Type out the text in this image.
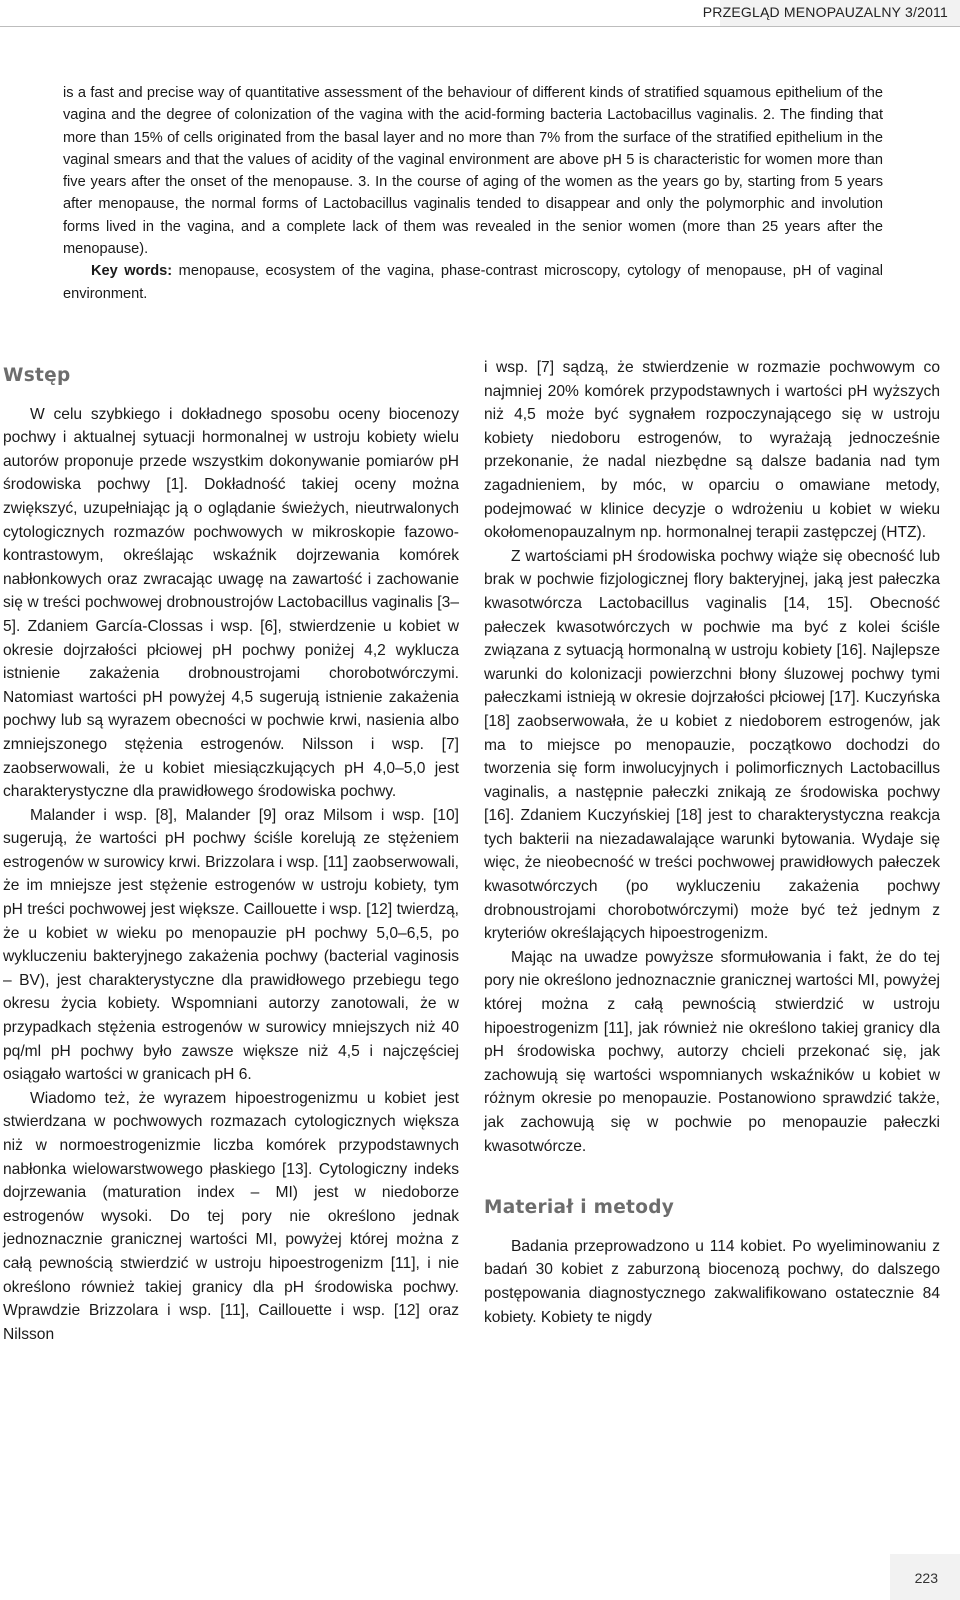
PRZEGLĄD MENOPAUZALNY 3/2011

is a fast and precise way of quantitative assessment of the behaviour of different kinds of stratified squamous epithelium of the vagina and the degree of colonization of the vagina with the acid-forming bacteria Lactobacillus vaginalis. 2. The finding that more than 15% of cells originated from the basal layer and no more than 7% from the surface of the stratified epithelium in the vaginal smears and that the values of acidity of the vaginal environment are above pH 5 is characteristic for women more than five years after the onset of the menopause. 3. In the course of aging of the women as the years go by, starting from 5 years after menopause, the normal forms of Lactobacillus vaginalis tended to disappear and only the polymorphic and involution forms lived in the vagina, and a complete lack of them was revealed in the senior women (more than 25 years after the menopause).

Key words: menopause, ecosystem of the vagina, phase-contrast microscopy, cytology of menopause, pH of vaginal environment.

Wstęp

W celu szybkiego i dokładnego sposobu oceny biocenozy pochwy i aktualnej sytuacji hormonalnej w ustroju kobiety wielu autorów proponuje przede wszystkim dokonywanie pomiarów pH środowiska pochwy [1]. Dokładność takiej oceny można zwiększyć, uzupełniając ją o oglądanie świeżych, nieutrwalonych cytologicznych rozmazów pochwowych w mikroskopie fazowo-kontrastowym, określając wskaźnik dojrzewania komórek nabłonkowych oraz zwracając uwagę na zawartość i zachowanie się w treści pochwowej drobnoustrojów Lactobacillus vaginalis [3–5]. Zdaniem García-Clossas i wsp. [6], stwierdzenie u kobiet w okresie dojrzałości płciowej pH pochwy poniżej 4,2 wyklucza istnienie zakażenia drobnoustrojami chorobotwórczymi. Natomiast wartości pH powyżej 4,5 sugerują istnienie zakażenia pochwy lub są wyrazem obecności w pochwie krwi, nasienia albo zmniejszonego stężenia estrogenów. Nilsson i wsp. [7] zaobserwowali, że u kobiet miesiączkujących pH 4,0–5,0 jest charakterystyczne dla prawidłowego środowiska pochwy.

Malander i wsp. [8], Malander [9] oraz Milsom i wsp. [10] sugerują, że wartości pH pochwy ściśle korelują ze stężeniem estrogenów w surowicy krwi. Brizzolara i wsp. [11] zaobserwowali, że im mniejsze jest stężenie estrogenów w ustroju kobiety, tym pH treści pochwowej jest większe. Caillouette i wsp. [12] twierdzą, że u kobiet w wieku po menopauzie pH pochwy 5,0–6,5, po wykluczeniu bakteryjnego zakażenia pochwy (bacterial vaginosis – BV), jest charakterystyczne dla prawidłowego przebiegu tego okresu życia kobiety. Wspomniani autorzy zanotowali, że w przypadkach stężenia estrogenów w surowicy mniejszych niż 40 pq/ml pH pochwy było zawsze większe niż 4,5 i najczęściej osiągało wartości w granicach pH 6.

Wiadomo też, że wyrazem hipoestrogenizmu u kobiet jest stwierdzana w pochwowych rozmazach cytologicznych większa niż w normoestrogenizmie liczba komórek przypodstawnych nabłonka wielowarstwowego płaskiego [13]. Cytologiczny indeks dojrzewania (maturation index – MI) jest w niedoborze estrogenów wysoki. Do tej pory nie określono jednak jednoznacznie granicznej wartości MI, powyżej której można z całą pewnością stwierdzić w ustroju hipoestrogenizm [11], i nie określono również takiej granicy dla pH środowiska pochwy. Wprawdzie Brizzolara i wsp. [11], Caillouette i wsp. [12] oraz Nilsson

i wsp. [7] sądzą, że stwierdzenie w rozmazie pochwowym co najmniej 20% komórek przypodstawnych i wartości pH wyższych niż 4,5 może być sygnałem rozpoczynającego się w ustroju kobiety niedoboru estrogenów, to wyrażają jednocześnie przekonanie, że nadal niezbędne są dalsze badania nad tym zagadnieniem, by móc, w oparciu o omawiane metody, podejmować w klinice decyzje o wdrożeniu u kobiet w wieku okołomenopauzalnym np. hormonalnej terapii zastępczej (HTZ).

Z wartościami pH środowiska pochwy wiąże się obecność lub brak w pochwie fizjologicznej flory bakteryjnej, jaką jest pałeczka kwasotwórcza Lactobacillus vaginalis [14, 15]. Obecność pałeczek kwasotwórczych w pochwie ma być z kolei ściśle związana z sytuacją hormonalną w ustroju kobiety [16]. Najlepsze warunki do kolonizacji powierzchni błony śluzowej pochwy tymi pałeczkami istnieją w okresie dojrzałości płciowej [17]. Kuczyńska [18] zaobserwowała, że u kobiet z niedoborem estrogenów, jak ma to miejsce po menopauzie, początkowo dochodzi do tworzenia się form inwolucyjnych i polimorficznych Lactobacillus vaginalis, a następnie pałeczki znikają ze środowiska pochwy [16]. Zdaniem Kuczyńskiej [18] jest to charakterystyczna reakcja tych bakterii na niezadawalające warunki bytowania. Wydaje się więc, że nieobecność w treści pochwowej prawidłowych pałeczek kwasotwórczych (po wykluczeniu zakażenia pochwy drobnoustrojami chorobotwórczymi) może być też jednym z kryteriów określających hipoestrogenizm.

Mając na uwadze powyższe sformułowania i fakt, że do tej pory nie określono jednoznacznie granicznej wartości MI, powyżej której można z całą pewnością stwierdzić w ustroju hipoestrogenizm [11], jak również nie określono takiej granicy dla pH środowiska pochwy, autorzy chcieli przekonać się, jak zachowują się wartości wspomnianych wskaźników u kobiet w różnym okresie po menopauzie. Postanowiono sprawdzić także, jak zachowują się w pochwie po menopauzie pałeczki kwasotwórcze.

Materiał i metody

Badania przeprowadzono u 114 kobiet. Po wyeliminowaniu z badań 30 kobiet z zaburzoną biocenozą pochwy, do dalszego postępowania diagnostycznego zakwalifikowano ostatecznie 84 kobiety. Kobiety te nigdy

223
